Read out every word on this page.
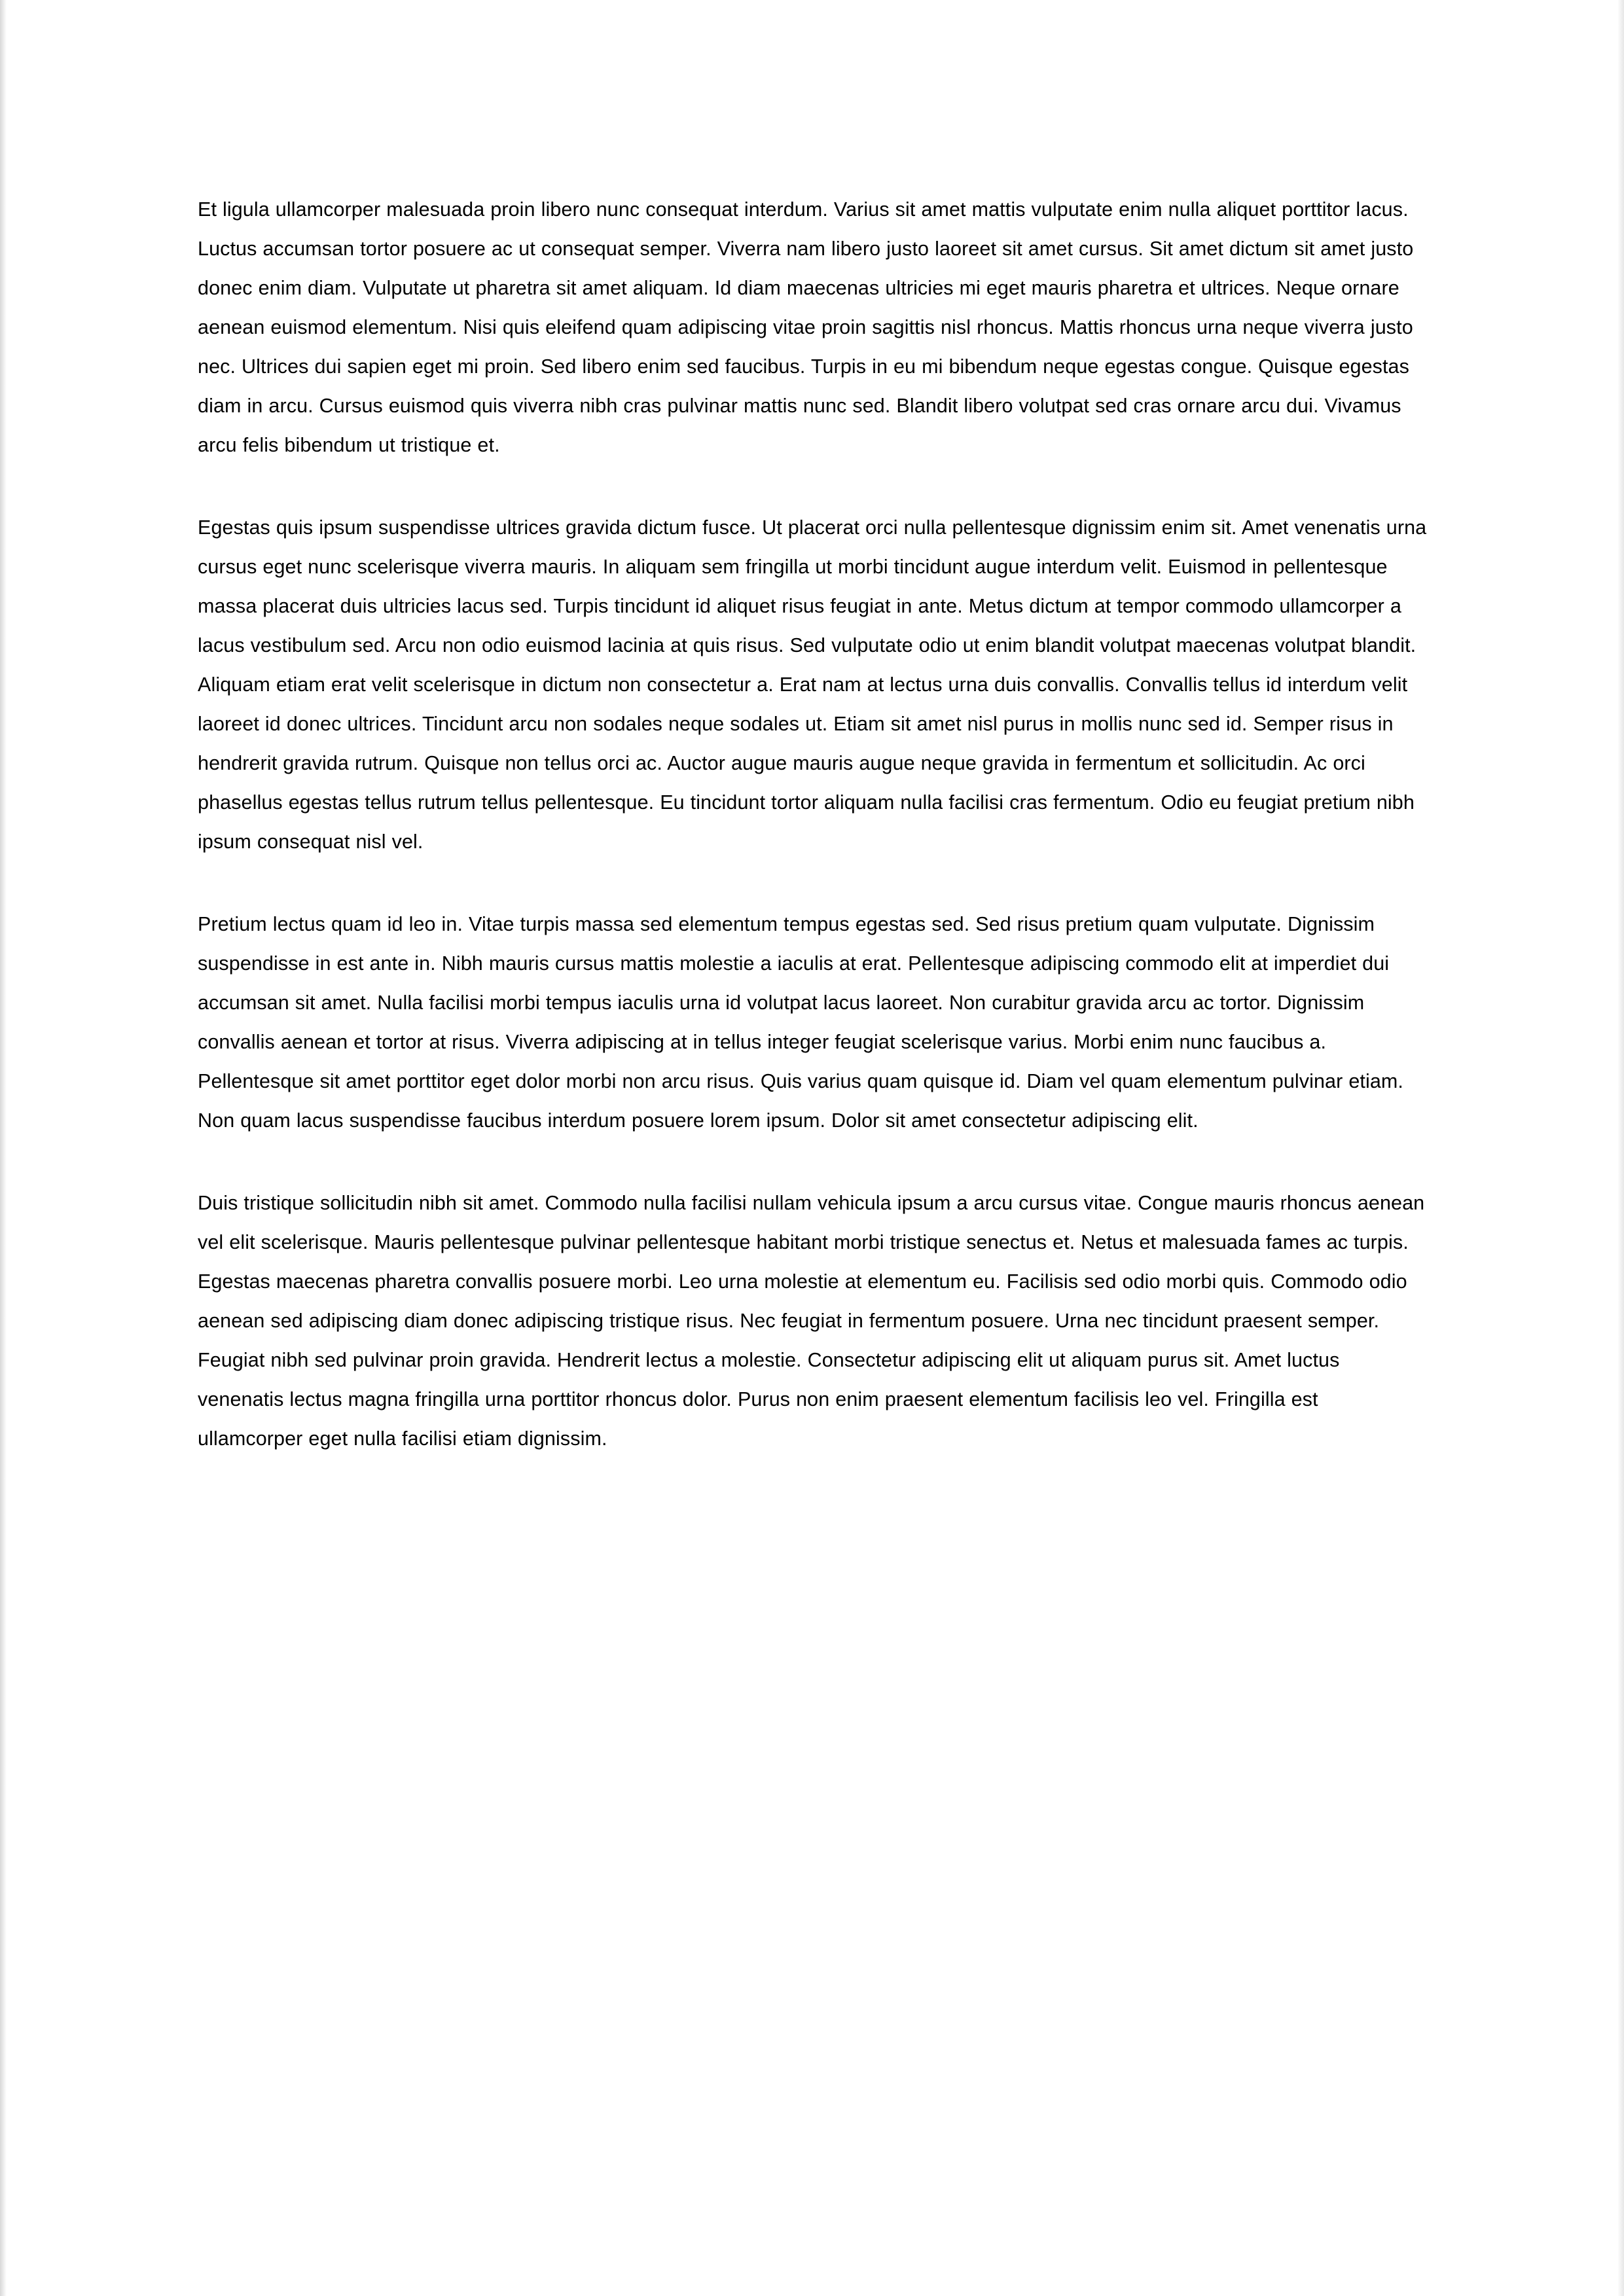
Et ligula ullamcorper malesuada proin libero nunc consequat interdum. Varius sit amet mattis vulputate enim nulla aliquet porttitor lacus. Luctus accumsan tortor posuere ac ut consequat semper. Viverra nam libero justo laoreet sit amet cursus. Sit amet dictum sit amet justo donec enim diam. Vulputate ut pharetra sit amet aliquam. Id diam maecenas ultricies mi eget mauris pharetra et ultrices. Neque ornare aenean euismod elementum. Nisi quis eleifend quam adipiscing vitae proin sagittis nisl rhoncus. Mattis rhoncus urna neque viverra justo nec. Ultrices dui sapien eget mi proin. Sed libero enim sed faucibus. Turpis in eu mi bibendum neque egestas congue. Quisque egestas diam in arcu. Cursus euismod quis viverra nibh cras pulvinar mattis nunc sed. Blandit libero volutpat sed cras ornare arcu dui. Vivamus arcu felis bibendum ut tristique et.

Egestas quis ipsum suspendisse ultrices gravida dictum fusce. Ut placerat orci nulla pellentesque dignissim enim sit. Amet venenatis urna cursus eget nunc scelerisque viverra mauris. In aliquam sem fringilla ut morbi tincidunt augue interdum velit. Euismod in pellentesque massa placerat duis ultricies lacus sed. Turpis tincidunt id aliquet risus feugiat in ante. Metus dictum at tempor commodo ullamcorper a lacus vestibulum sed. Arcu non odio euismod lacinia at quis risus. Sed vulputate odio ut enim blandit volutpat maecenas volutpat blandit. Aliquam etiam erat velit scelerisque in dictum non consectetur a. Erat nam at lectus urna duis convallis. Convallis tellus id interdum velit laoreet id donec ultrices. Tincidunt arcu non sodales neque sodales ut. Etiam sit amet nisl purus in mollis nunc sed id. Semper risus in hendrerit gravida rutrum. Quisque non tellus orci ac. Auctor augue mauris augue neque gravida in fermentum et sollicitudin. Ac orci phasellus egestas tellus rutrum tellus pellentesque. Eu tincidunt tortor aliquam nulla facilisi cras fermentum. Odio eu feugiat pretium nibh ipsum consequat nisl vel.

Pretium lectus quam id leo in. Vitae turpis massa sed elementum tempus egestas sed. Sed risus pretium quam vulputate. Dignissim suspendisse in est ante in. Nibh mauris cursus mattis molestie a iaculis at erat. Pellentesque adipiscing commodo elit at imperdiet dui accumsan sit amet. Nulla facilisi morbi tempus iaculis urna id volutpat lacus laoreet. Non curabitur gravida arcu ac tortor. Dignissim convallis aenean et tortor at risus. Viverra adipiscing at in tellus integer feugiat scelerisque varius. Morbi enim nunc faucibus a. Pellentesque sit amet porttitor eget dolor morbi non arcu risus. Quis varius quam quisque id. Diam vel quam elementum pulvinar etiam. Non quam lacus suspendisse faucibus interdum posuere lorem ipsum. Dolor sit amet consectetur adipiscing elit.

Duis tristique sollicitudin nibh sit amet. Commodo nulla facilisi nullam vehicula ipsum a arcu cursus vitae. Congue mauris rhoncus aenean vel elit scelerisque. Mauris pellentesque pulvinar pellentesque habitant morbi tristique senectus et. Netus et malesuada fames ac turpis. Egestas maecenas pharetra convallis posuere morbi. Leo urna molestie at elementum eu. Facilisis sed odio morbi quis. Commodo odio aenean sed adipiscing diam donec adipiscing tristique risus. Nec feugiat in fermentum posuere. Urna nec tincidunt praesent semper. Feugiat nibh sed pulvinar proin gravida. Hendrerit lectus a molestie. Consectetur adipiscing elit ut aliquam purus sit. Amet luctus venenatis lectus magna fringilla urna porttitor rhoncus dolor. Purus non enim praesent elementum facilisis leo vel. Fringilla est ullamcorper eget nulla facilisi etiam dignissim.
